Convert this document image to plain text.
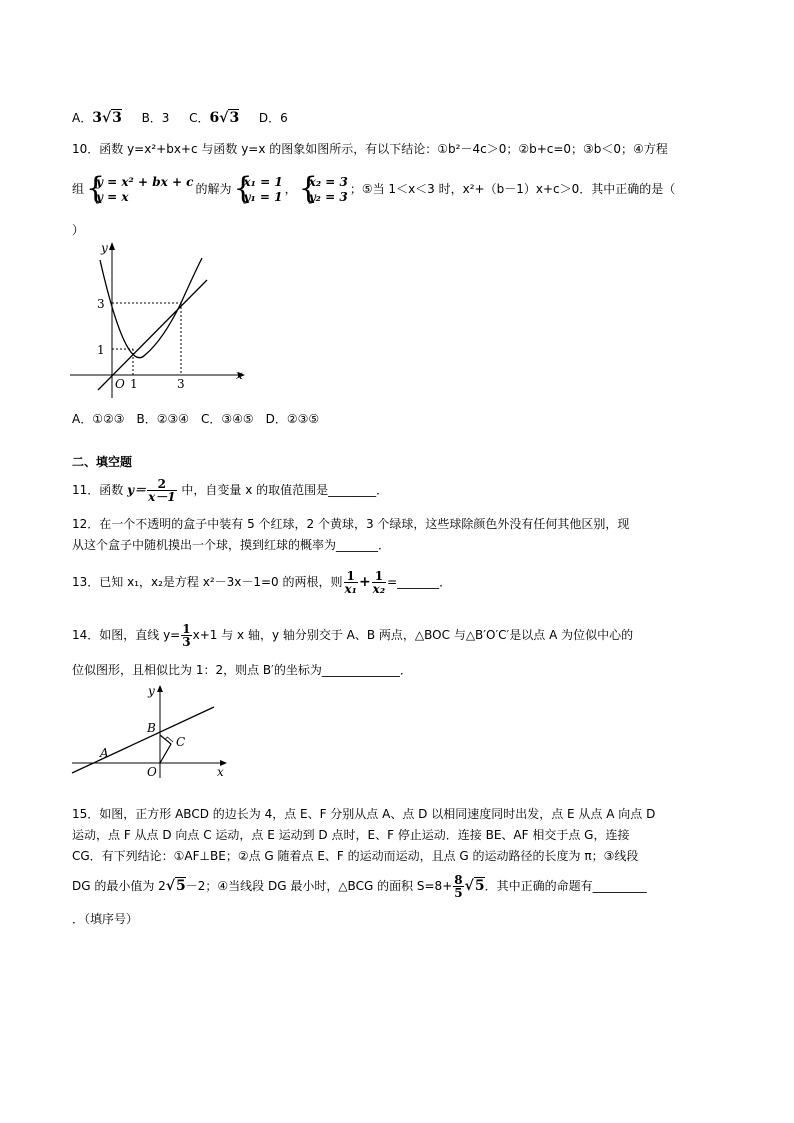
A．3√3 B．3 C．6√3 D．6
10．函数 y=x²+bx+c 与函数 y=x 的图象如图所示，有以下结论：①b²－4c＞0；②b+c=0；③b＜0；④方程
组 {
y = x² + bx + c
y = x
的解为 {
x₁ = 1
y₁ = 1
， {
x₂ = 3
y₂ = 3
；⑤当 1＜x＜3 时，x²+（b－1）x+c＞0．其中正确的是（
）
y
x
O
3
1
1	3
A．①②③　B．②③④　C．③④⑤　D．②③⑤
二、填空题
11．函数 $y= \frac{2}{x-1}$ 中，自变量 x 的取值范围是________．
12．在一个不透明的盒子中装有 5 个红球，2 个黄球，3 个绿球，这些球除颜色外没有任何其他区别，现
从这个盒子中随机摸出一个球，摸到红球的概率为_______．
13．已知 x₁，x₂是方程 x²－3x－1=0 的两根，则 $\frac{1}{\text{x₁}} + \frac{1}{\text{x₂}}$ =_______．
14．如图，直线 $y= \frac{1}{3} x+1$ 与 x 轴，y 轴分别交于 A、B 两点，△BOC 与△B′O′C′是以点 A 为位似中心的
位似图形，且相似比为 1：2，则点 B′的坐标为_____________．
y
x
A
B
C
O
15．如图，正方形 ABCD 的边长为 4，点 E、F 分别从点 A、点 D 以相同速度同时出发，点 E 从点 A 向点 D
运动，点 F 从点 D 向点 C 运动，点 E 运动到 D 点时，E、F 停止运动．连接 BE、AF 相交于点 G，连接
CG．有下列结论：①AF⊥BE；②点 G 随着点 E、F 的运动而运动，且点 G 的运动路径的长度为 π；③线段
DG 的最小值为 2√5－2；④当线段 DG 最小时，△BCG 的面积 $S=8+ \frac{8}{5} √5$．其中正确的命题有_________
．（填序号）
